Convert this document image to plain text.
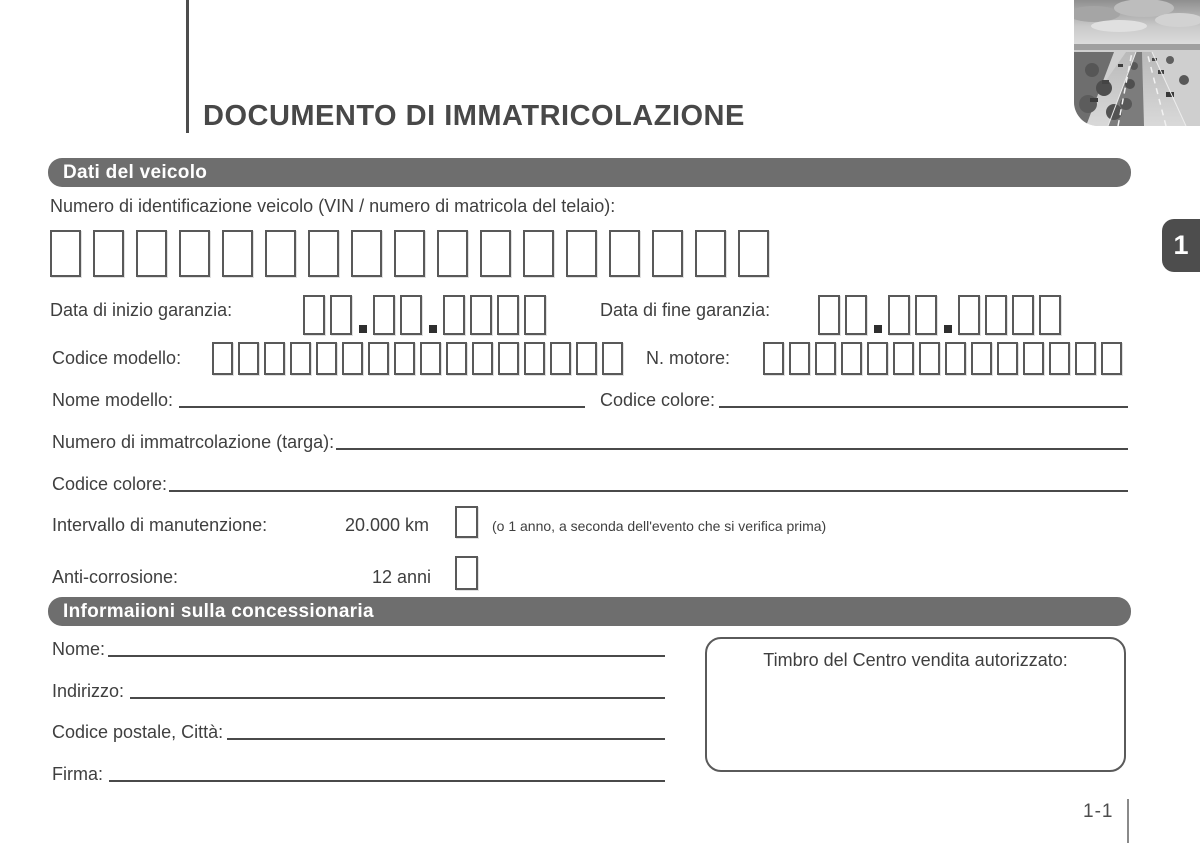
DOCUMENTO DI IMMATRICOLAZIONE
1
Dati del veicolo
Numero di identificazione veicolo (VIN / numero di matricola del telaio):
Data di inizio garanzia:	Data di fine garanzia:
Codice modello:	N. motore:
Nome modello:	Codice colore:
Numero di immatrcolazione (targa):
Codice colore:
Intervallo di manutenzione:	20.000 km	(o 1 anno, a seconda dell'evento che si verifica prima)
Anti-corrosione:	12 anni
Informaiioni sulla concessionaria
Nome:
Indirizzo:
Codice postale, Città:
Firma:
Timbro del Centro vendita autorizzato:
1-1
